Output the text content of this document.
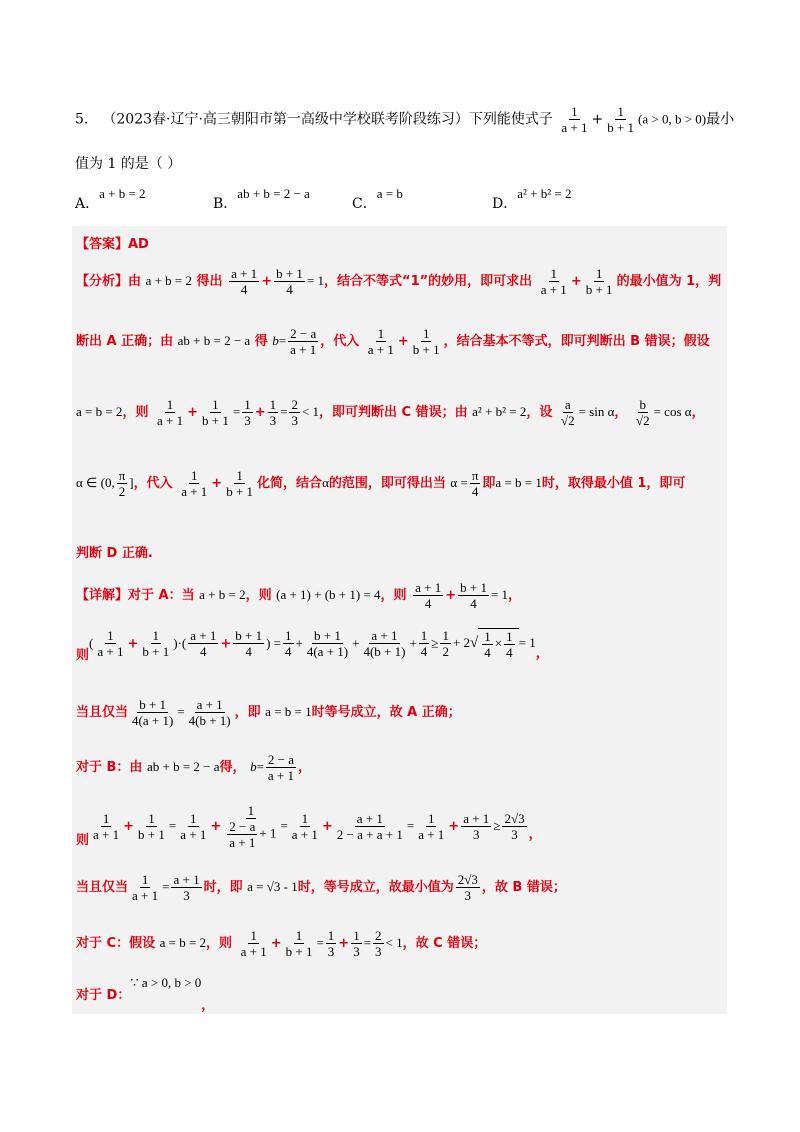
5． （2023春·辽宁·高三朝阳市第一高级中学校联考阶段练习）下列能使式子 $\frac{1}{a + 1} + \frac{1}{b + 1} (a > 0$, b > 0)最小
值为 1 的是（ ）
A．a + b = 2
B．ab + b = 2 − a
C．a = b
D．a² + b² = 2
【答案】AD
【分析】由 a + b = 2 得出 $\frac{a + 1}{4} + \frac{b + 1}{4} = 1$，结合不等式“1”的妙用，即可求出 $\frac{1}{a + 1} + \frac{1}{b + 1}$ 的最小值为 1，判
断出 A 正确；由 ab + b = 2 − a 得 $b= \frac{2 - a}{a + 1}$ ，代入 $\frac{1}{a + 1} + \frac{1}{b + 1}$ ，结合基本不等式，即可判断出 B 错误；假设
a = b = 2，则 $\frac{1}{a + 1} + \frac{1}{b + 1} = \frac{1}{3} + \frac{1}{3} = \frac{2}{3} < 1$，即可判断出 C 错误；由 a² + b² = 2，设 $\frac{a}{√2} = \sin \alpha$， $\frac{b}{√2} = \cos \alpha$，
α ∈ (0, $\frac{\pi}{2}$ ]，代入 $\frac{1}{a + 1} + \frac{1}{b + 1}$ 化简，结合α的范围，即可得出当 $\alpha = \frac{\pi}{4}$ 即a = b = 1时，取得最小值 1，即可
判断 D 正确.
【详解】对于 A：当 a + b = 2，则 (a + 1) + (b + 1) = 4，则 $\frac{a + 1}{4} + \frac{b + 1}{4} = 1$，
则( $\frac{1}{a + 1} + \frac{1}{b + 1}$ )·( $\frac{a + 1}{4} + \frac{b + 1}{4}$ ) = $\frac{1}{4} + \frac{b + 1}{4(a + 1)} + \frac{a + 1}{4(b + 1)} + \frac{1}{4} \ge \frac{1}{2} + 2√ \frac{1}{4} \times \frac{1}{4} = 1$，
当且仅当 $\frac{b + 1}{4(a + 1)} = \frac{a + 1}{4(b + 1)}$ ，即 a = b = 1时等号成立，故 A 正确；
对于 B：由 ab + b = 2 − a得， $b= \frac{2 - a}{a + 1}$ ，
则 $\frac{1}{a + 1} + \frac{1}{b + 1} = \frac{1}{a + 1} + \frac{1}{\frac{2 - a}{a + 1} + 1} = \frac{1}{a + 1} + \frac{a + 1}{2 - a + a + 1} = \frac{1}{a + 1} + \frac{a + 1}{3} \ge \frac{2√3}{3}$ ，
当且仅当 $\frac{1}{a + 1} = \frac{a + 1}{3}$ 时，即 a = √3 - 1时，等号成立，故最小值为 $\frac{2√3}{3}$ ，故 B 错误；
对于 C：假设 a = b = 2，则 $\frac{1}{a + 1} + \frac{1}{b + 1} = \frac{1}{3} + \frac{1}{3} = \frac{2}{3} < 1$，故 C 错误；
对于 D：∵ a > 0, b > 0，
